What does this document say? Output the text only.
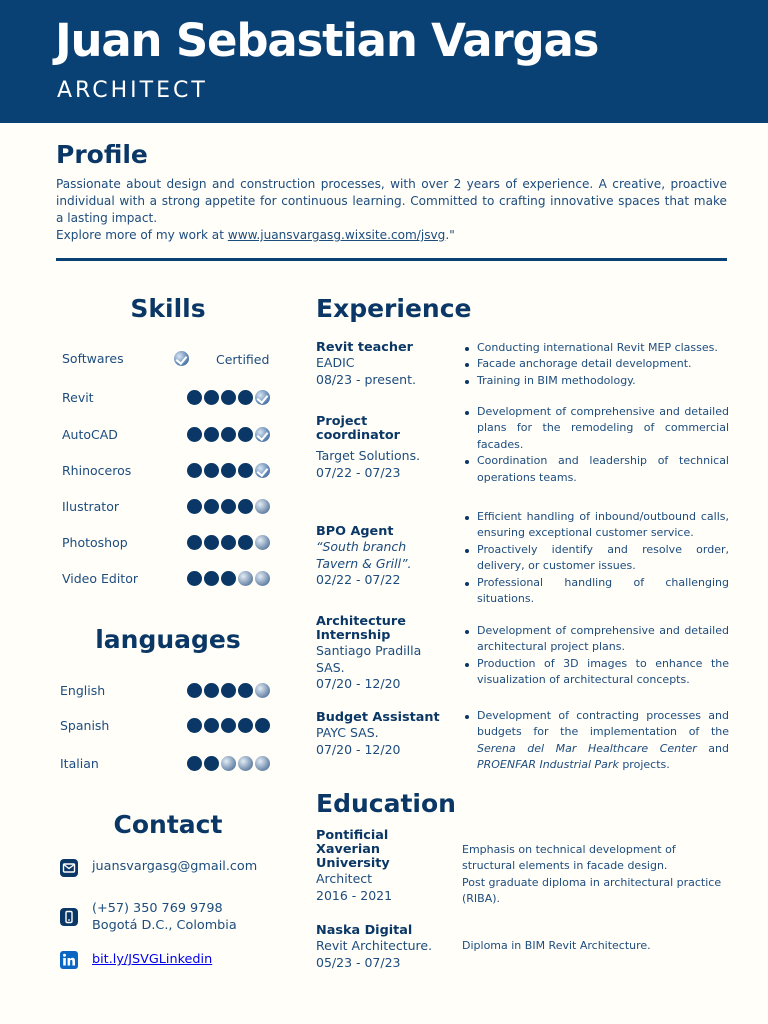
Juan Sebastian Vargas
ARCHITECT
Profile
Passionate about design and construction processes, with over 2 years of experience. A creative, proactive individual with a strong appetite for continuous learning. Committed to crafting innovative spaces that make a lasting impact.
Explore more of my work at www.juansvargasg.wixsite.com/jsvg."
Skills
Softwares	Certified
Revit
AutoCAD
Rhinoceros
Ilustrator
Photoshop
Video Editor
languages
English
Spanish
Italian
Contact
juansvargasg@gmail.com
(+57) 350 769 9798
Bogotá D.C., Colombia
bit.ly/JSVGLinkedin
Experience
Revit teacher
EADIC
08/23 - present.
Conducting international Revit MEP classes.
Facade anchorage detail development.
Training in BIM methodology.
Project coordinator
Target Solutions.
07/22 - 07/23
Development of comprehensive and detailed plans for the remodeling of commercial facades.
Coordination and leadership of technical operations teams.
BPO Agent
“South branch Tavern & Grill”.
02/22 - 07/22
Efficient handling of inbound/outbound calls, ensuring exceptional customer service.
Proactively identify and resolve order, delivery, or customer issues.
Professional handling of challenging situations.
Architecture Internship
Santiago Pradilla SAS.
07/20 - 12/20
Development of comprehensive and detailed architectural project plans.
Production of 3D images to enhance the visualization of architectural concepts.
Budget Assistant
PAYC SAS.
07/20 - 12/20
Development of contracting processes and budgets for the implementation of the Serena del Mar Healthcare Center and PROENFAR Industrial Park projects.
Education
Pontificial Xaverian University
Architect
2016 - 2021
Emphasis on technical development of structural elements in facade design.
Post graduate diploma in architectural practice (RIBA).
Naska Digital
Revit Architecture.
05/23 - 07/23
Diploma in BIM Revit Architecture.
